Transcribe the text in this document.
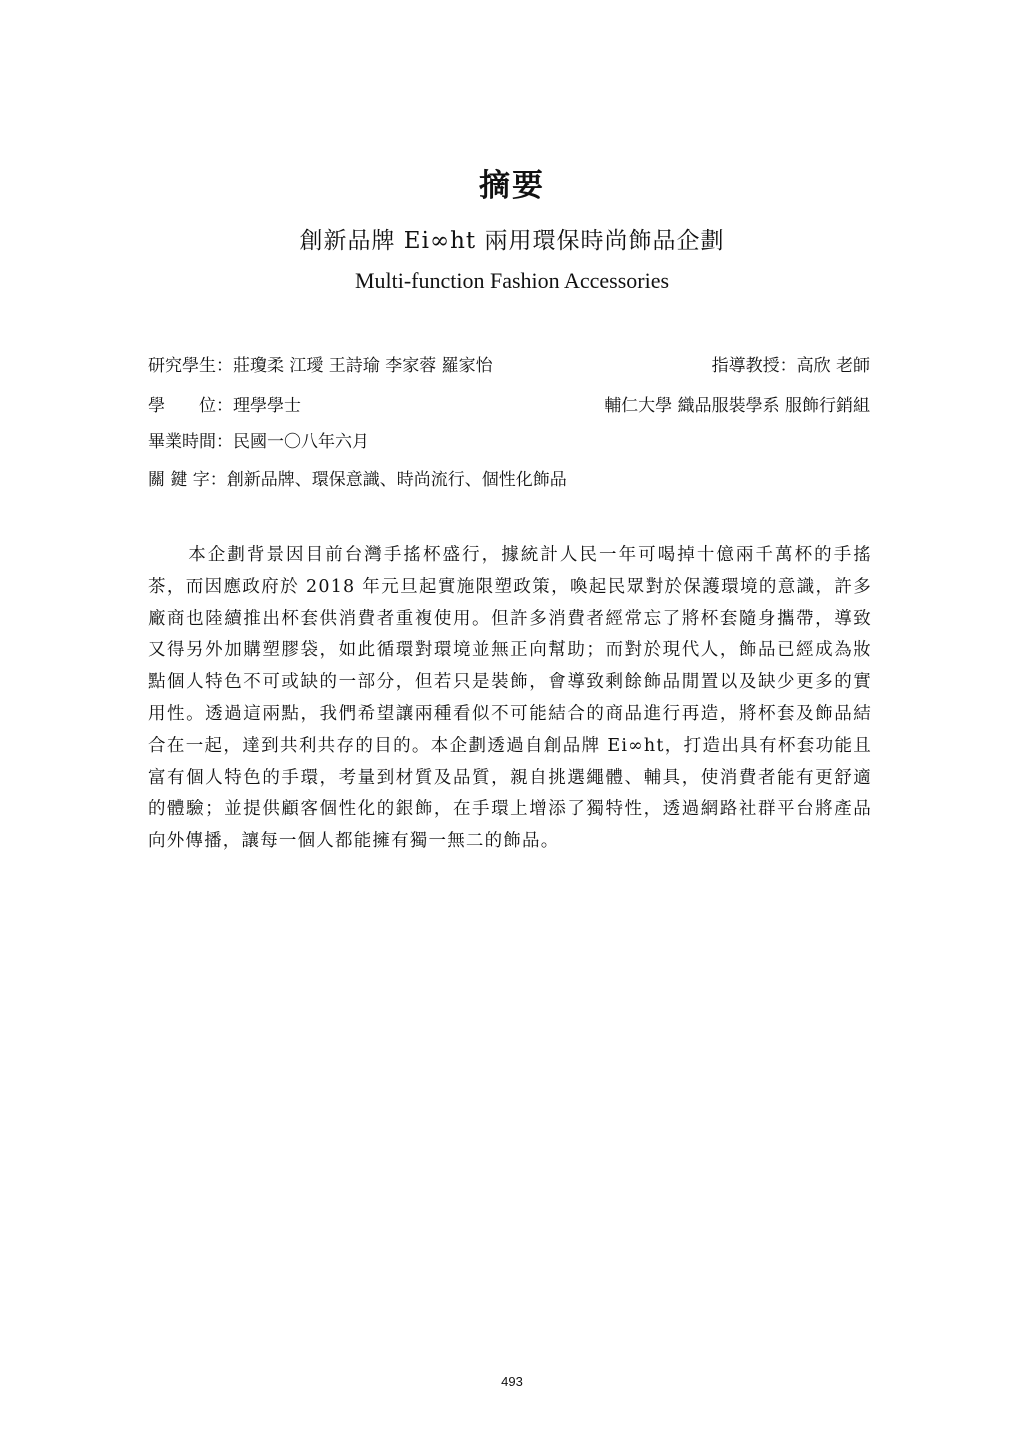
摘要
創新品牌 Ei∞ht 兩用環保時尚飾品企劃
Multi-function Fashion Accessories
研究學生：莊瓊柔 江璦 王詩瑜 李家蓉 羅家怡	指導教授：高欣 老師
學　　位：理學學士	輔仁大學 織品服裝學系 服飾行銷組
畢業時間：民國一〇八年六月
關 鍵 字：創新品牌、環保意識、時尚流行、個性化飾品

本企劃背景因目前台灣手搖杯盛行，據統計人民一年可喝掉十億兩千萬杯的手搖茶，而因應政府於 2018 年元旦起實施限塑政策，喚起民眾對於保護環境的意識，許多廠商也陸續推出杯套供消費者重複使用。但許多消費者經常忘了將杯套隨身攜帶，導致又得另外加購塑膠袋，如此循環對環境並無正向幫助；而對於現代人，飾品已經成為妝點個人特色不可或缺的一部分，但若只是裝飾，會導致剩餘飾品閒置以及缺少更多的實用性。透過這兩點，我們希望讓兩種看似不可能結合的商品進行再造，將杯套及飾品結合在一起，達到共利共存的目的。本企劃透過自創品牌 Ei∞ht，打造出具有杯套功能且富有個人特色的手環，考量到材質及品質，親自挑選繩體、輔具，使消費者能有更舒適的體驗；並提供顧客個性化的銀飾，在手環上增添了獨特性，透過網路社群平台將產品向外傳播，讓每一個人都能擁有獨一無二的飾品。

493
